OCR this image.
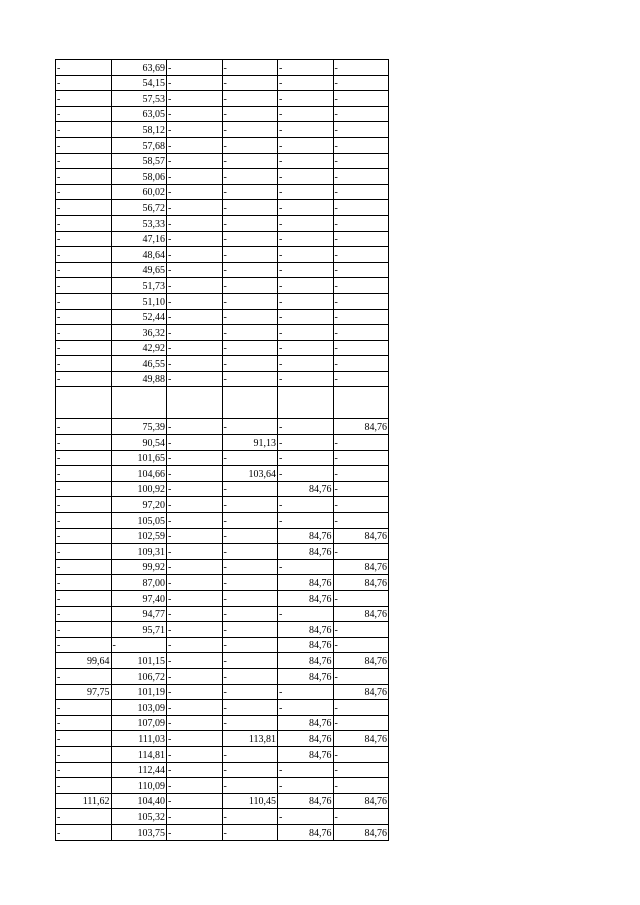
-	63,69	-	-	-	-
-	54,15	-	-	-	-
-	57,53	-	-	-	-
-	63,05	-	-	-	-
-	58,12	-	-	-	-
-	57,68	-	-	-	-
-	58,57	-	-	-	-
-	58,06	-	-	-	-
-	60,02	-	-	-	-
-	56,72	-	-	-	-
-	53,33	-	-	-	-
-	47,16	-	-	-	-
-	48,64	-	-	-	-
-	49,65	-	-	-	-
-	51,73	-	-	-	-
-	51,10	-	-	-	-
-	52,44	-	-	-	-
-	36,32	-	-	-	-
-	42,92	-	-	-	-
-	46,55	-	-	-	-
-	49,88	-	-	-	-

-	75,39	-	-	-	84,76
-	90,54	-	91,13	-	-
-	101,65	-	-	-	-
-	104,66	-	103,64	-	-
-	100,92	-	-	84,76	-
-	97,20	-	-	-	-
-	105,05	-	-	-	-
-	102,59	-	-	84,76	84,76
-	109,31	-	-	84,76	-
-	99,92	-	-	-	84,76
-	87,00	-	-	84,76	84,76
-	97,40	-	-	84,76	-
-	94,77	-	-	-	84,76
-	95,71	-	-	84,76	-
-	-	-	-	84,76	-
99,64	101,15	-	-	84,76	84,76
-	106,72	-	-	84,76	-
97,75	101,19	-	-	-	84,76
-	103,09	-	-	-	-
-	107,09	-	-	84,76	-
-	111,03	-	113,81	84,76	84,76
-	114,81	-	-	84,76	-
-	112,44	-	-	-	-
-	110,09	-	-	-	-
111,62	104,40	-	110,45	84,76	84,76
-	105,32	-	-	-	-
-	103,75	-	-	84,76	84,76
